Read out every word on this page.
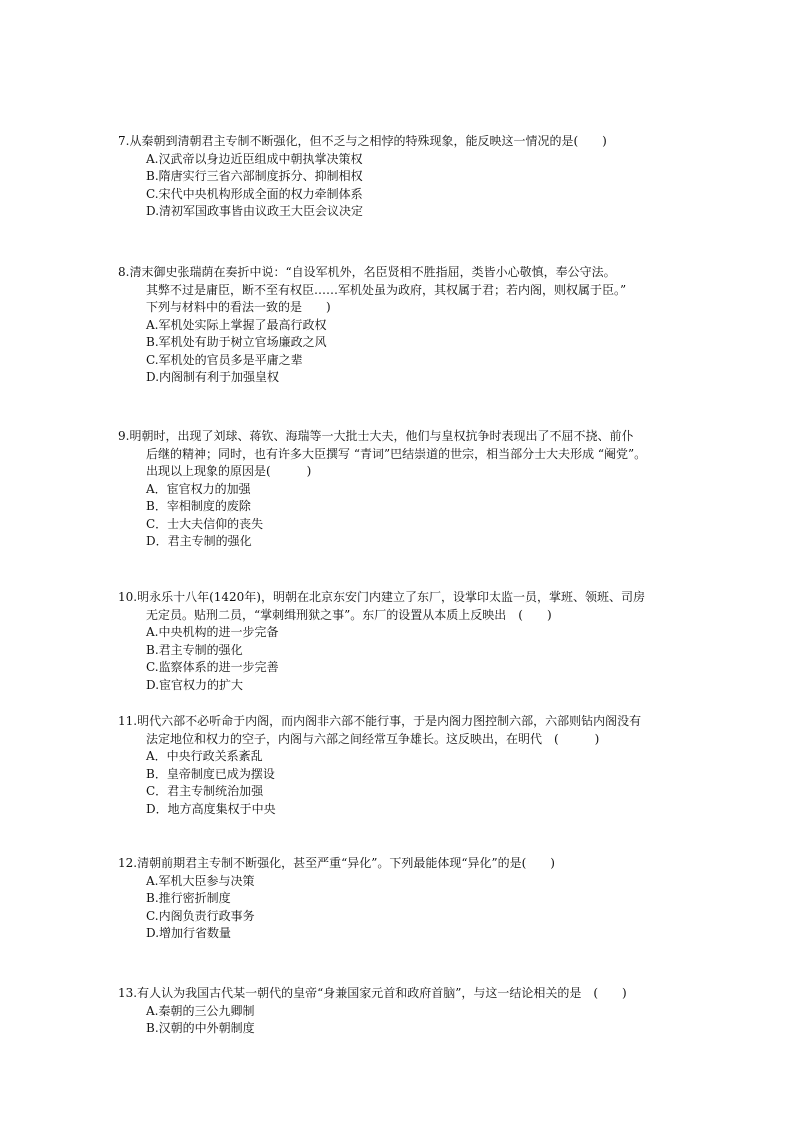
7.从秦朝到清朝君主专制不断强化，但不乏与之相悖的特殊现象，能反映这一情况的是(　　)
A.汉武帝以身边近臣组成中朝执掌决策权
B.隋唐实行三省六部制度拆分、抑制相权
C.宋代中央机构形成全面的权力牵制体系
D.清初军国政事皆由议政王大臣会议决定
8.清末御史张瑞荫在奏折中说：“自设军机外，名臣贤相不胜指屈，类皆小心敬慎，奉公守法。
其弊不过是庸臣，断不至有权臣……军机处虽为政府，其权属于君；若内阁，则权属于臣。”
下列与材料中的看法一致的是　　)
A.军机处实际上掌握了最高行政权
B.军机处有助于树立官场廉政之风
C.军机处的官员多是平庸之辈
D.内阁制有利于加强皇权
9.明朝时，出现了刘球、蒋钦、海瑞等一大批士大夫，他们与皇权抗争时表现出了不屈不挠、前仆
后继的精神；同时，也有许多大臣撰写 “青词”巴结崇道的世宗，相当部分士大夫形成 “阉党”。
出现以上现象的原因是(　　　)
A．宦官权力的加强
B．宰相制度的废除
C．士大夫信仰的丧失
D．君主专制的强化
10.明永乐十八年(1420年)，明朝在北京东安门内建立了东厂，设掌印太监一员，掌班、领班、司房
无定员。贴刑二员，“掌刺缉刑狱之事”。东厂的设置从本质上反映出　(　　)
A.中央机构的进一步完备
B.君主专制的强化
C.监察体系的进一步完善
D.宦官权力的扩大
11.明代六部不必听命于内阁，而内阁非六部不能行事，于是内阁力图控制六部，六部则钻内阁没有
法定地位和权力的空子，内阁与六部之间经常互争雄长。这反映出，在明代　(　　　)
A．中央行政关系紊乱
B．皇帝制度已成为摆设
C．君主专制统治加强
D．地方高度集权于中央
12.清朝前期君主专制不断强化，甚至严重“异化”。下列最能体现“异化”的是(　　)
A.军机大臣参与决策
B.推行密折制度
C.内阁负责行政事务
D.增加行省数量
13.有人认为我国古代某一朝代的皇帝“身兼国家元首和政府首脑”，与这一结论相关的是　(　　)
A.秦朝的三公九卿制
B.汉朝的中外朝制度
